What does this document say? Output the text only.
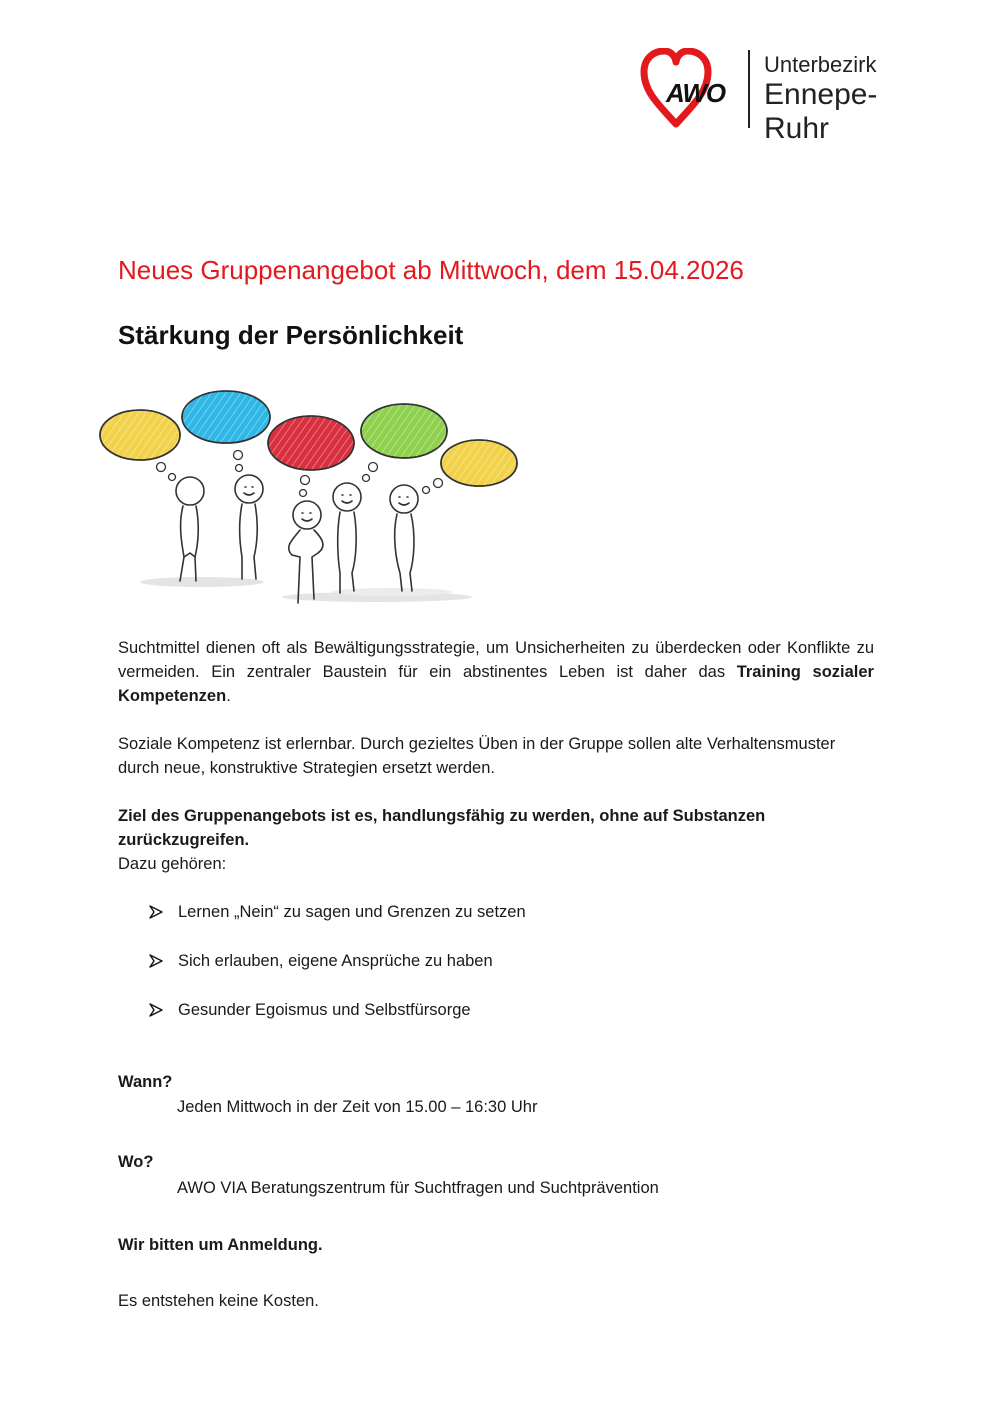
AWO
Unterbezirk
Ennepe-Ruhr
Neues Gruppenangebot ab Mittwoch, dem 15.04.2026
Stärkung der Persönlichkeit
Suchtmittel dienen oft als Bewältigungsstrategie, um Unsicherheiten zu überdecken oder Konflikte zu vermeiden. Ein zentraler Baustein für ein abstinentes Leben ist daher das Training sozialer Kompetenzen.
Soziale Kompetenz ist erlernbar. Durch gezieltes Üben in der Gruppe sollen alte Verhaltensmuster durch neue, konstruktive Strategien ersetzt werden.
Ziel des Gruppenangebots ist es, handlungsfähig zu werden, ohne auf Substanzen zurückzugreifen.
Dazu gehören:
Lernen „Nein“ zu sagen und Grenzen zu setzen
Sich erlauben, eigene Ansprüche zu haben
Gesunder Egoismus und Selbstfürsorge
Wann?
Jeden Mittwoch in der Zeit von 15.00 – 16:30 Uhr
Wo?
AWO VIA Beratungszentrum für Suchtfragen und Suchtprävention
Wir bitten um Anmeldung.
Es entstehen keine Kosten.
